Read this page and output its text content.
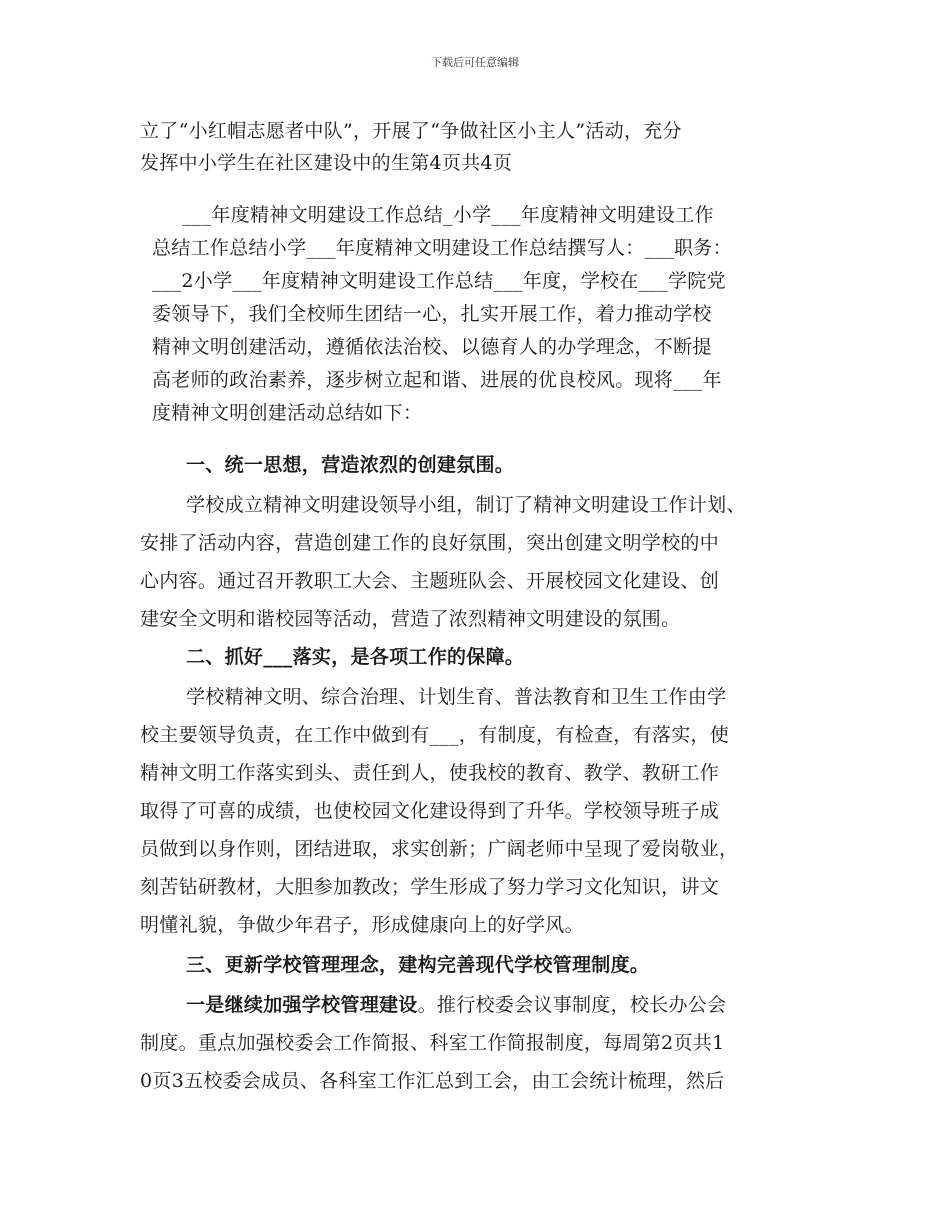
下载后可任意编辑
立了“小红帽志愿者中队”，开展了“争做社区小主人”活动，充分
发挥中小学生在社区建设中的生第4页共4页
___年度精神文明建设工作总结_小学___年度精神文明建设工作
总结工作总结小学___年度精神文明建设工作总结撰写人：___职务：
___2小学___年度精神文明建设工作总结___年度，学校在___学院党
委领导下，我们全校师生团结一心，扎实开展工作，着力推动学校
精神文明创建活动，遵循依法治校、以德育人的办学理念，不断提
高老师的政治素养，逐步树立起和谐、进展的优良校风。现将___年
度精神文明创建活动总结如下：
一、统一思想，营造浓烈的创建氛围。
学校成立精神文明建设领导小组，制订了精神文明建设工作计划、
安排了活动内容，营造创建工作的良好氛围，突出创建文明学校的中
心内容。通过召开教职工大会、主题班队会、开展校园文化建设、创
建安全文明和谐校园等活动，营造了浓烈精神文明建设的氛围。
二、抓好___落实，是各项工作的保障。
学校精神文明、综合治理、计划生育、普法教育和卫生工作由学
校主要领导负责，在工作中做到有___，有制度，有检查，有落实，使
精神文明工作落实到头、责任到人，使我校的教育、教学、教研工作
取得了可喜的成绩，也使校园文化建设得到了升华。学校领导班子成
员做到以身作则，团结进取，求实创新；广阔老师中呈现了爱岗敬业，
刻苦钻研教材，大胆参加教改；学生形成了努力学习文化知识，讲文
明懂礼貌，争做少年君子，形成健康向上的好学风。
三、更新学校管理理念，建构完善现代学校管理制度。
一是继续加强学校管理建设。推行校委会议事制度，校长办公会
制度。重点加强校委会工作简报、科室工作简报制度，每周第2页共1
0页3五校委会成员、各科室工作汇总到工会，由工会统计梳理，然后
